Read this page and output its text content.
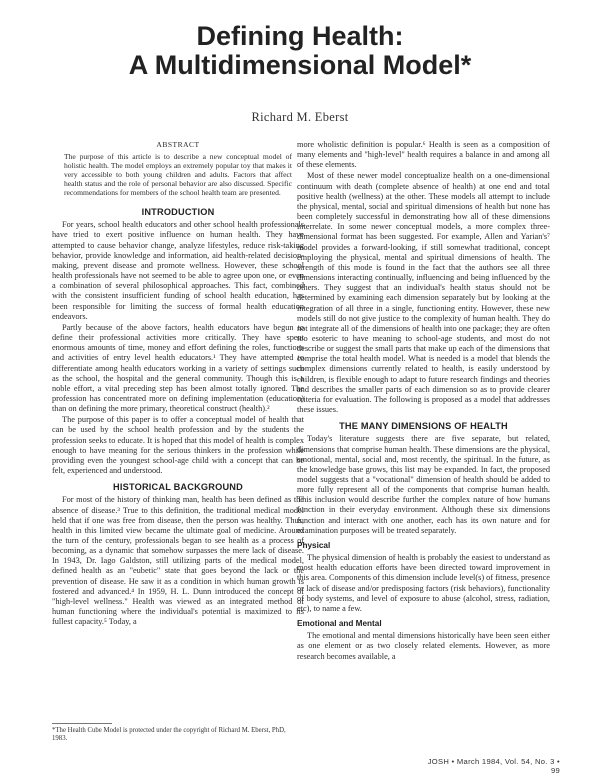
Defining Health:
A Multidimensional Model*
Richard M. Eberst
ABSTRACT
The purpose of this article is to describe a new conceptual model of holistic health. The model employs an extremely popular toy that makes it very accessible to both young children and adults. Factors that affect health status and the role of personal behavior are also discussed. Specific recommendations for members of the school health team are presented.
INTRODUCTION

For years, school health educators and other school health professionals have tried to exert positive influence on human health. They have attempted to cause behavior change, analyze lifestyles, reduce risk-taking behavior, provide knowledge and information, aid health-related decision-making, prevent disease and promote wellness. However, these school health professionals have not seemed to be able to agree upon one, or even a combination of several philosophical approaches. This fact, combined with the consistent insufficient funding of school health education, has been responsible for limiting the success of formal health education endeavors.

Partly because of the above factors, health educators have begun to define their professional activities more critically. They have spent enormous amounts of time, money and effort defining the roles, functions and activities of entry level health educators.¹ They have attempted to differentiate among health educators working in a variety of settings such as the school, the hospital and the general community. Though this is a noble effort, a vital preceding step has been almost totally ignored. The profession has concentrated more on defining implementation (education) than on defining the more primary, theoretical construct (health).²

The purpose of this paper is to offer a conceptual model of health that can be used by the school health profession and by the students the profession seeks to educate. It is hoped that this model of health is complex enough to have meaning for the serious thinkers in the profession while providing even the youngest school-age child with a concept that can be felt, experienced and understood.

HISTORICAL BACKGROUND

For most of the history of thinking man, health has been defined as the absence of disease.³ True to this definition, the traditional medical model held that if one was free from disease, then the person was healthy. Thus, health in this limited view became the ultimate goal of medicine. Around the turn of the century, professionals began to see health as a process of becoming, as a dynamic that somehow surpasses the mere lack of disease. In 1943, Dr. Iago Galdston, still utilizing parts of the medical model, defined health as an "eubetic" state that goes beyond the lack or the prevention of disease. He saw it as a condition in which human growth is fostered and advanced.⁴ In 1959, H. L. Dunn introduced the concept of "high-level wellness." Health was viewed as an integrated method of human functioning where the individual's potential is maximized to its fullest capacity.⁵ Today, a

more wholistic definition is popular.⁶ Health is seen as a composition of many elements and "high-level" health requires a balance in and among all of these elements.

Most of these newer model conceptualize health on a one-dimensional continuum with death (complete absence of health) at one end and total positive health (wellness) at the other. These models all attempt to include the physical, mental, social and spiritual dimensions of health but none has been completely successful in demonstrating how all of these dimensions interrelate. In some newer conceptual models, a more complex three-dimensional format has been suggested. For example, Allen and Yarian's⁷ model provides a forward-looking, if still somewhat traditional, concept employing the physical, mental and spiritual dimensions of health. The strength of this mode is found in the fact that the authors see all three dimensions interacting continually, influencing and being influenced by the others. They suggest that an individual's health status should not be determined by examining each dimension separately but by looking at the integration of all three in a single, functioning entity. However, these new models still do not give justice to the complexity of human health. They do not integrate all of the dimensions of health into one package; they are often too esoteric to have meaning to school-age students, and most do not describe or suggest the small parts that make up each of the dimensions that comprise the total health model. What is needed is a model that blends the complex dimensions currently related to health, is easily understood by children, is flexible enough to adapt to future research findings and theories and describes the smaller parts of each dimension so as to provide clearer criteria for evaluation. The following is proposed as a model that addresses these issues.

THE MANY DIMENSIONS OF HEALTH

Today's literature suggests there are five separate, but related, dimensions that comprise human health. These dimensions are the physical, emotional, mental, social and, most recently, the spiritual. In the future, as the knowledge base grows, this list may be expanded. In fact, the proposed model suggests that a "vocational" dimension of health should be added to more fully represent all of the components that comprise human health. This inclusion would describe further the complex nature of how humans function in their everyday environment. Although these six dimensions function and interact with one another, each has its own nature and for examination purposes will be treated separately.

Physical

The physical dimension of health is probably the easiest to understand as most health education efforts have been directed toward improvement in this area. Components of this dimension include level(s) of fitness, presence or lack of disease and/or predisposing factors (risk behaviors), functionality of body systems, and level of exposure to abuse (alcohol, stress, radiation, etc), to name a few.

Emotional and Mental

The emotional and mental dimensions historically have been seen either as one element or as two closely related elements. However, as more research becomes available, a

*The Health Cube Model is protected under the copyright of Richard M. Eberst, PhD, 1983.
JOSH • March 1984, Vol. 54, No. 3 • 99
